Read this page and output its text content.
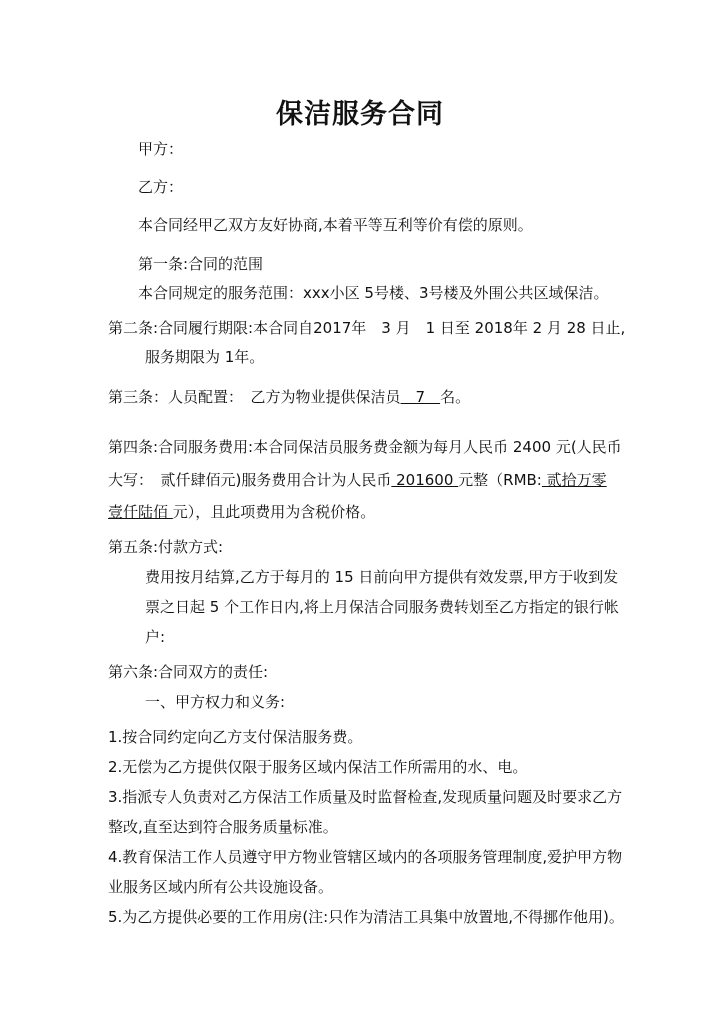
保洁服务合同
甲方：
乙方：
本合同经甲乙双方友好协商,本着平等互利等价有偿的原则。
第一条:合同的范围
本合同规定的服务范围：xxx小区 5号楼、3号楼及外围公共区域保洁。
第二条:合同履行期限:本合同自2017年　3 月　1 日至 2018年 2 月 28 日止,
服务期限为 1年。
第三条：人员配置：　乙方为物业提供保洁员　7　名。
第四条:合同服务费用:本合同保洁员服务费金额为每月人民币 2400 元(人民币
大写：　贰仟肆佰元)服务费用合计为人民币 201600 元整（RMB: 贰拾万零
壹仟陆佰 元），且此项费用为含税价格。
第五条:付款方式:
费用按月结算,乙方于每月的 15 日前向甲方提供有效发票,甲方于收到发
票之日起 5 个工作日内,将上月保洁合同服务费转划至乙方指定的银行帐
户:
第六条:合同双方的责任:
一、甲方权力和义务:
1.按合同约定向乙方支付保洁服务费。
2.无偿为乙方提供仅限于服务区域内保洁工作所需用的水、电。
3.指派专人负责对乙方保洁工作质量及时监督检查,发现质量问题及时要求乙方
整改,直至达到符合服务质量标准。
4.教育保洁工作人员遵守甲方物业管辖区域内的各项服务管理制度,爱护甲方物
业服务区域内所有公共设施设备。
5.为乙方提供必要的工作用房(注:只作为清洁工具集中放置地,不得挪作他用)。
